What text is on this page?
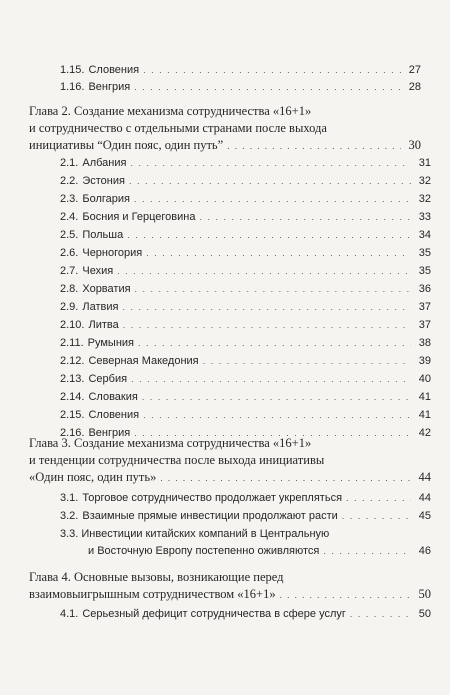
1.15. Словения . . .	27
1.16. Венгрия . . .	28
Глава 2. Создание механизма сотрудничества «16+1»
и сотрудничество с отдельными странами после выхода
инициативы “Один пояс, один путь” . . .	30
2.1. Албания . . .	31
2.2. Эстония . . .	32
2.3. Болгария . . .	32
2.4. Босния и Герцеговина . . .	33
2.5. Польша . . .	34
2.6. Черногория . . .	35
2.7. Чехия . . .	35
2.8. Хорватия . . .	36
2.9. Латвия . . .	37
2.10. Литва . . .	37
2.11. Румыния . . .	38
2.12. Северная Македония . . .	39
2.13. Сербия . . .	40
2.14. Словакия . . .	41
2.15. Словения . . .	41
2.16. Венгрия . . .	42
Глава 3. Создание механизма сотрудничества «16+1»
и тенденции сотрудничества после выхода инициативы
«Один пояс, один путь» . . .	44
3.1. Торговое сотрудничество продолжает укрепляться . . .	44
3.2. Взаимные прямые инвестиции продолжают расти . . .	45
3.3. Инвестиции китайских компаний в Центральную
и Восточную Европу постепенно оживляются . . .	46
Глава 4. Основные вызовы, возникающие перед
взаимовыигрышным сотрудничеством «16+1» . . .	50
4.1. Серьезный дефицит сотрудничества в сфере услуг . . .	50
